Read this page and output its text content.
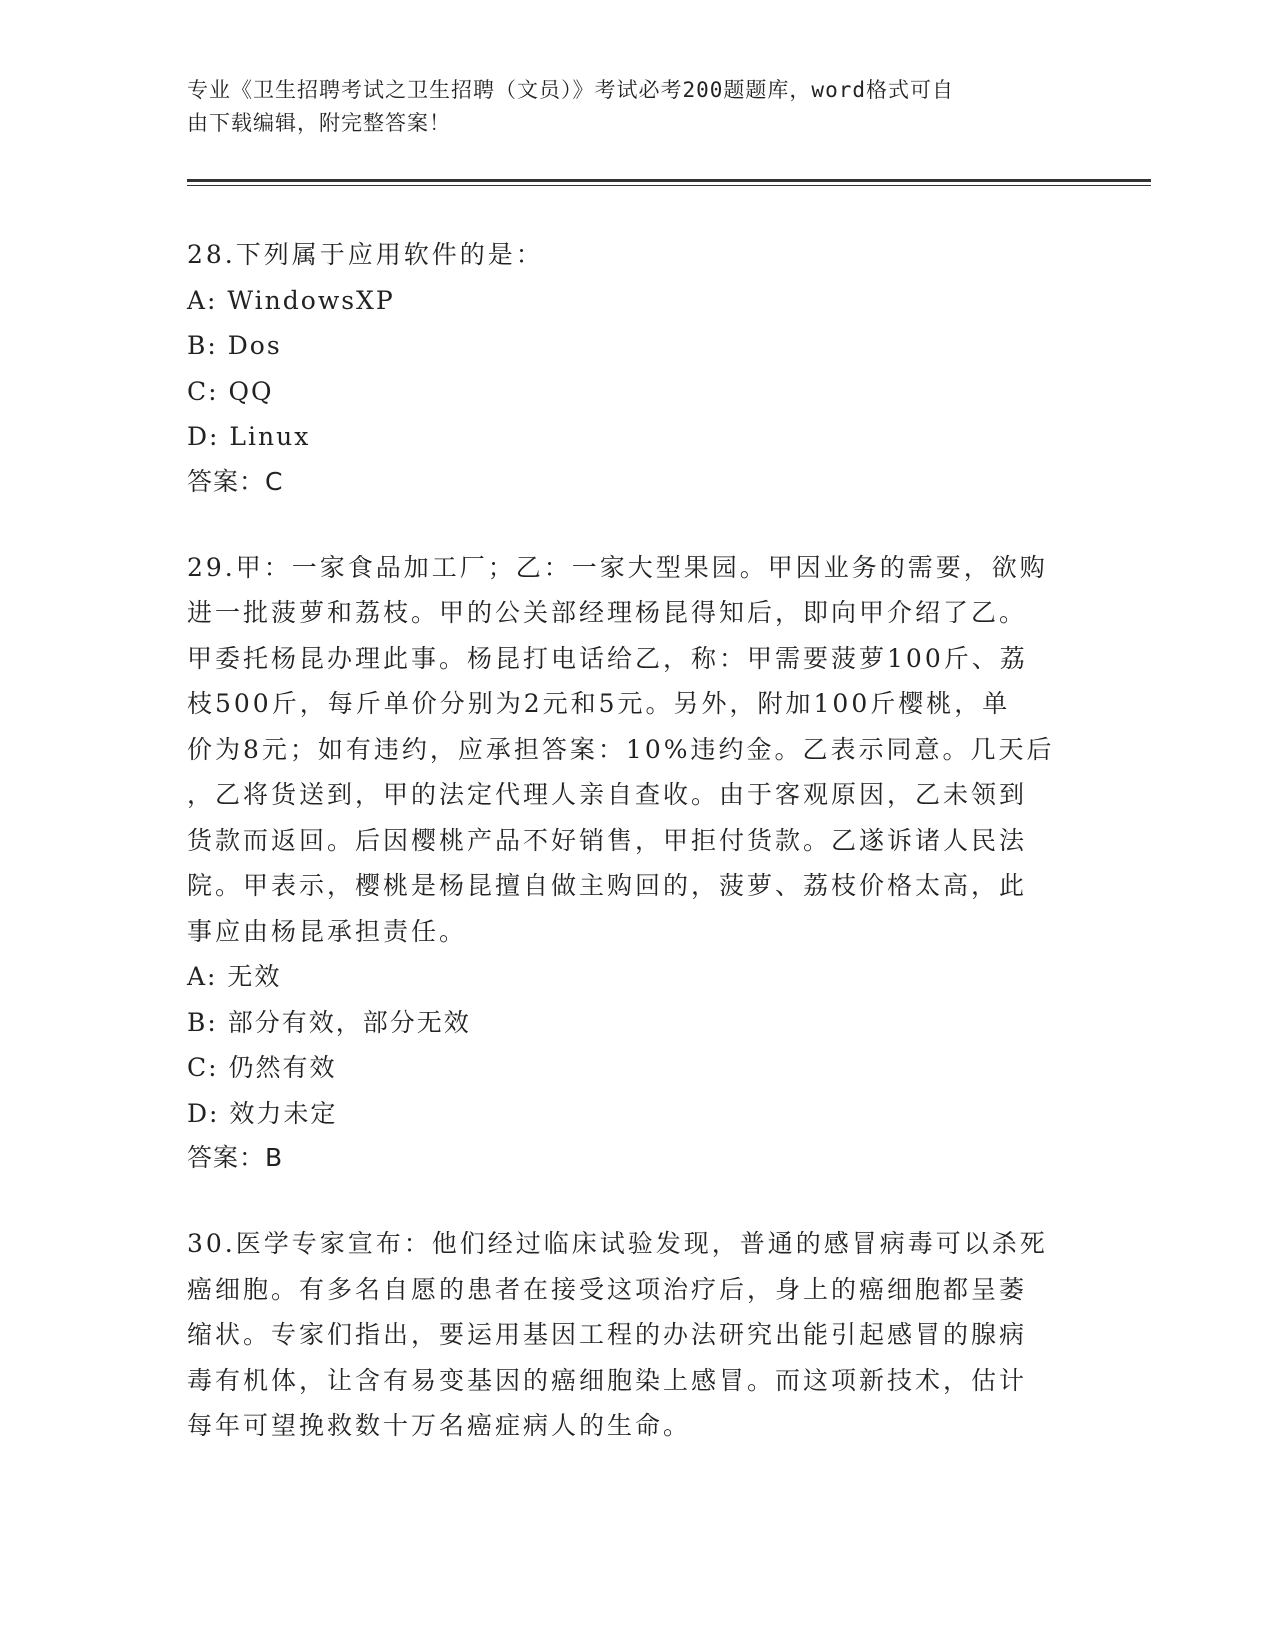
专业《卫生招聘考试之卫生招聘（文员）》考试必考200题题库，word格式可自
由下载编辑，附完整答案！

28.下列属于应用软件的是：

A: WindowsXP

B: Dos

C: QQ

D: Linux

答案：C

29.甲：一家食品加工厂；乙：一家大型果园。甲因业务的需要，欲购

进一批菠萝和荔枝。甲的公关部经理杨昆得知后，即向甲介绍了乙。

甲委托杨昆办理此事。杨昆打电话给乙，称：甲需要菠萝100斤、荔

枝500斤，每斤单价分别为2元和5元。另外，附加100斤樱桃，单

价为8元；如有违约，应承担答案：10%违约金。乙表示同意。几天后

，乙将货送到，甲的法定代理人亲自查收。由于客观原因，乙未领到

货款而返回。后因樱桃产品不好销售，甲拒付货款。乙遂诉诸人民法

院。甲表示，樱桃是杨昆擅自做主购回的，菠萝、荔枝价格太高，此

事应由杨昆承担责任。

A: 无效

B: 部分有效，部分无效

C: 仍然有效

D: 效力未定

答案：B

30.医学专家宣布：他们经过临床试验发现，普通的感冒病毒可以杀死

癌细胞。有多名自愿的患者在接受这项治疗后，身上的癌细胞都呈萎

缩状。专家们指出，要运用基因工程的办法研究出能引起感冒的腺病

毒有机体，让含有易变基因的癌细胞染上感冒。而这项新技术，估计

每年可望挽救数十万名癌症病人的生命。
